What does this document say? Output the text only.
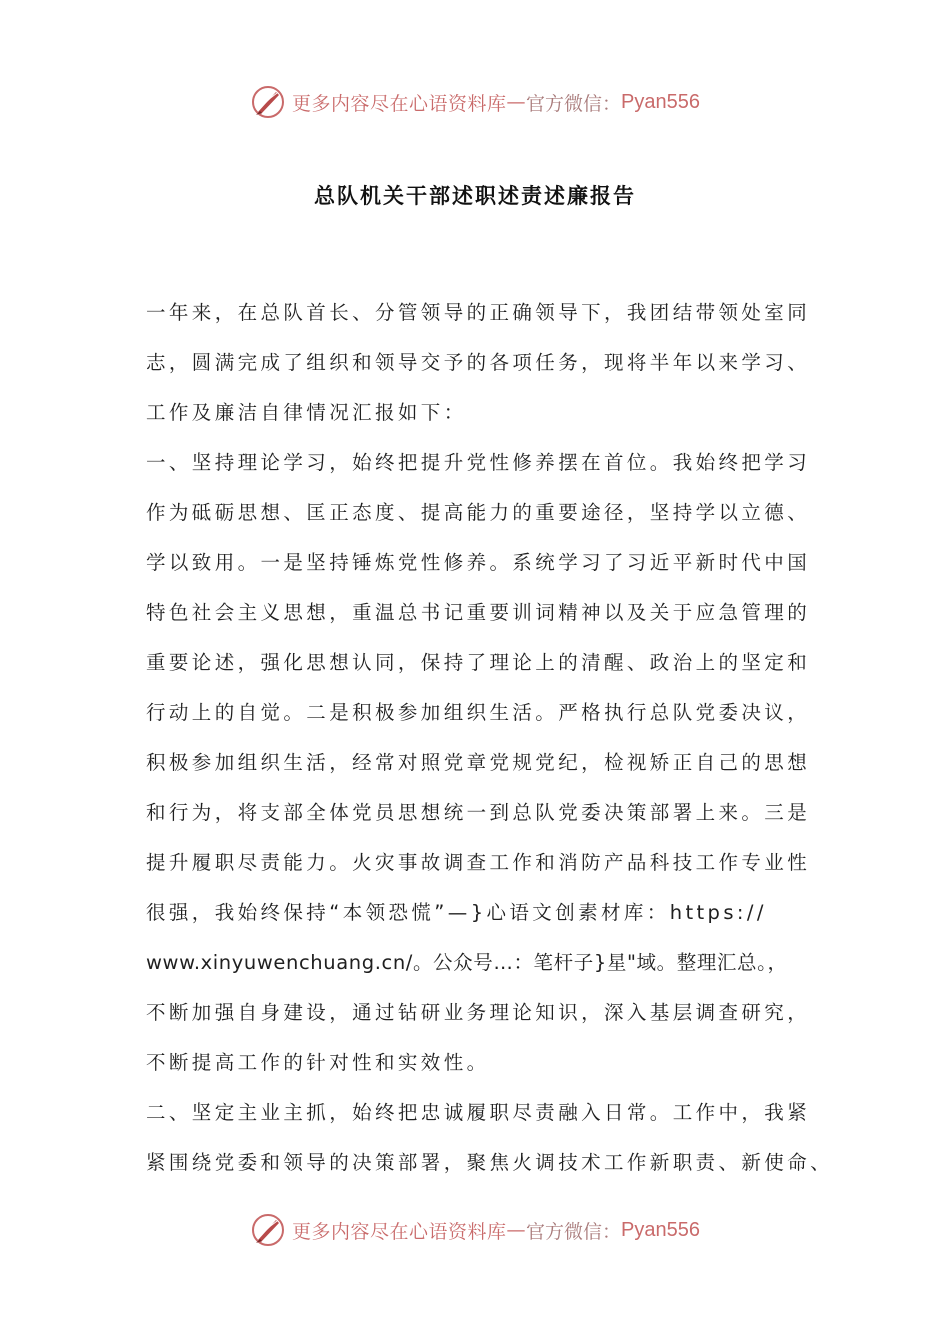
更多内容尽在心语资料库 — 官方微信： Pyan556
总队机关干部述职述责述廉报告
一年来，在总队首长、分管领导的正确领导下，我团结带领处室同
志，圆满完成了组织和领导交予的各项任务，现将半年以来学习、
工作及廉洁自律情况汇报如下：
一、坚持理论学习，始终把提升党性修养摆在首位。我始终把学习
作为砥砺思想、匡正态度、提高能力的重要途径，坚持学以立德、
学以致用。一是坚持锤炼党性修养。系统学习了习近平新时代中国
特色社会主义思想，重温总书记重要训词精神以及关于应急管理的
重要论述，强化思想认同，保持了理论上的清醒、政治上的坚定和
行动上的自觉。二是积极参加组织生活。严格执行总队党委决议，
积极参加组织生活，经常对照党章党规党纪，检视矫正自己的思想
和行为，将支部全体党员思想统一到总队党委决策部署上来。三是
提升履职尽责能力。火灾事故调查工作和消防产品科技工作专业性
很强，我始终保持“本领恐慌”—}心语文创素材库：https://
www.xinyuwenchuang.cn/。公众号…：笔杆子}星"域。整理汇总。，
不断加强自身建设，通过钻研业务理论知识，深入基层调查研究，
不断提高工作的针对性和实效性。
二、坚定主业主抓，始终把忠诚履职尽责融入日常。工作中，我紧
紧围绕党委和领导的决策部署，聚焦火调技术工作新职责、新使命、
更多内容尽在心语资料库 — 官方微信： Pyan556
